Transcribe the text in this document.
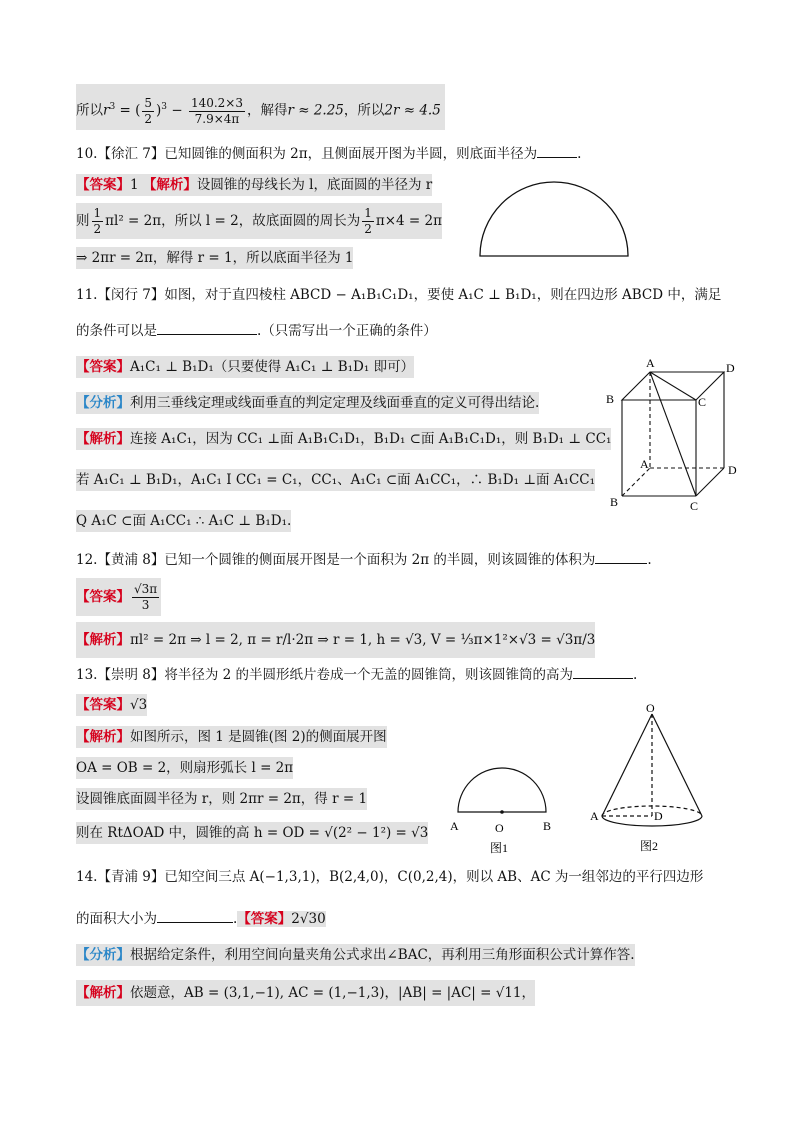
所以$r^3$ = ( $\frac{5}{2} )^3 - \frac{140.2\times 3}{7.9\times 4\pi}$ ，解得r ≈ 2.25，所以2r ≈ 4.5
10.【徐汇 7】已知圆锥的侧面积为 2π，且侧面展开图为半圆，则底面半径为	.
【答案】1 【解析】设圆锥的母线长为 l，底面圆的半径为 r
则 $\frac{1}{2} \pi l^2 = 2\pi$，所以 l = 2，故底面圆的周长为 $\frac{1}{2} \pi\times 4 = 2\pi$
⇒ 2πr = 2π，解得 r = 1，所以底面半径为 1
11.【闵行 7】如图，对于直四棱柱 ABCD − A₁B₁C₁D₁，要使 A₁C ⊥ B₁D₁，则在四边形 ABCD 中，满足
的条件可以是	.（只需写出一个正确的条件）
【答案】A₁C₁ ⊥ B₁D₁（只要使得 A₁C₁ ⊥ B₁D₁ 即可）
【分析】利用三垂线定理或线面垂直的判定定理及线面垂直的定义可得出结论.
【解析】连接 A₁C₁，因为 CC₁ ⊥面 A₁B₁C₁D₁，B₁D₁ ⊂面 A₁B₁C₁D₁，则 B₁D₁ ⊥ CC₁
若 A₁C₁ ⊥ B₁D₁，A₁C₁ I CC₁ = C₁，CC₁、A₁C₁ ⊂面 A₁CC₁，∴ B₁D₁ ⊥面 A₁CC₁
Q A₁C ⊂面 A₁CC₁ ∴ A₁C ⊥ B₁D₁.
A	D
B	C
A	D
B	C
12.【黄浦 8】已知一个圆锥的侧面展开图是一个面积为 2π 的半圆，则该圆锥的体积为	.
【答案】 $\frac{√3\pi}{3}$
【解析】πl² = 2π ⇒ l = 2, π = r/l·2π ⇒ r = 1, h = √3, V = ⅓π×1²×√3 = √3π/3
13.【崇明 8】将半径为 2 的半圆形纸片卷成一个无盖的圆锥筒，则该圆锥筒的高为	.
【答案】√3
【解析】如图所示，图 1 是圆锥(图 2)的侧面展开图
OA = OB = 2，则扇形弧长 l = 2π
设圆锥底面圆半径为 r，则 2πr = 2π，得 r = 1
则在 RtΔOAD 中，圆锥的高 h = OD = √(2² − 1²) = √3 A	O	B
图1
O
A	D
图2
14.【青浦 9】已知空间三点 A(−1,3,1)，B(2,4,0)，C(0,2,4)，则以 AB、AC 为一组邻边的平行四边形
的面积大小为	.【答案】2√30
【分析】根据给定条件，利用空间向量夹角公式求出∠BAC，再利用三角形面积公式计算作答.
【解析】依题意，AB = (3,1,−1), AC = (1,−1,3)，|AB| = |AC| = √11，
